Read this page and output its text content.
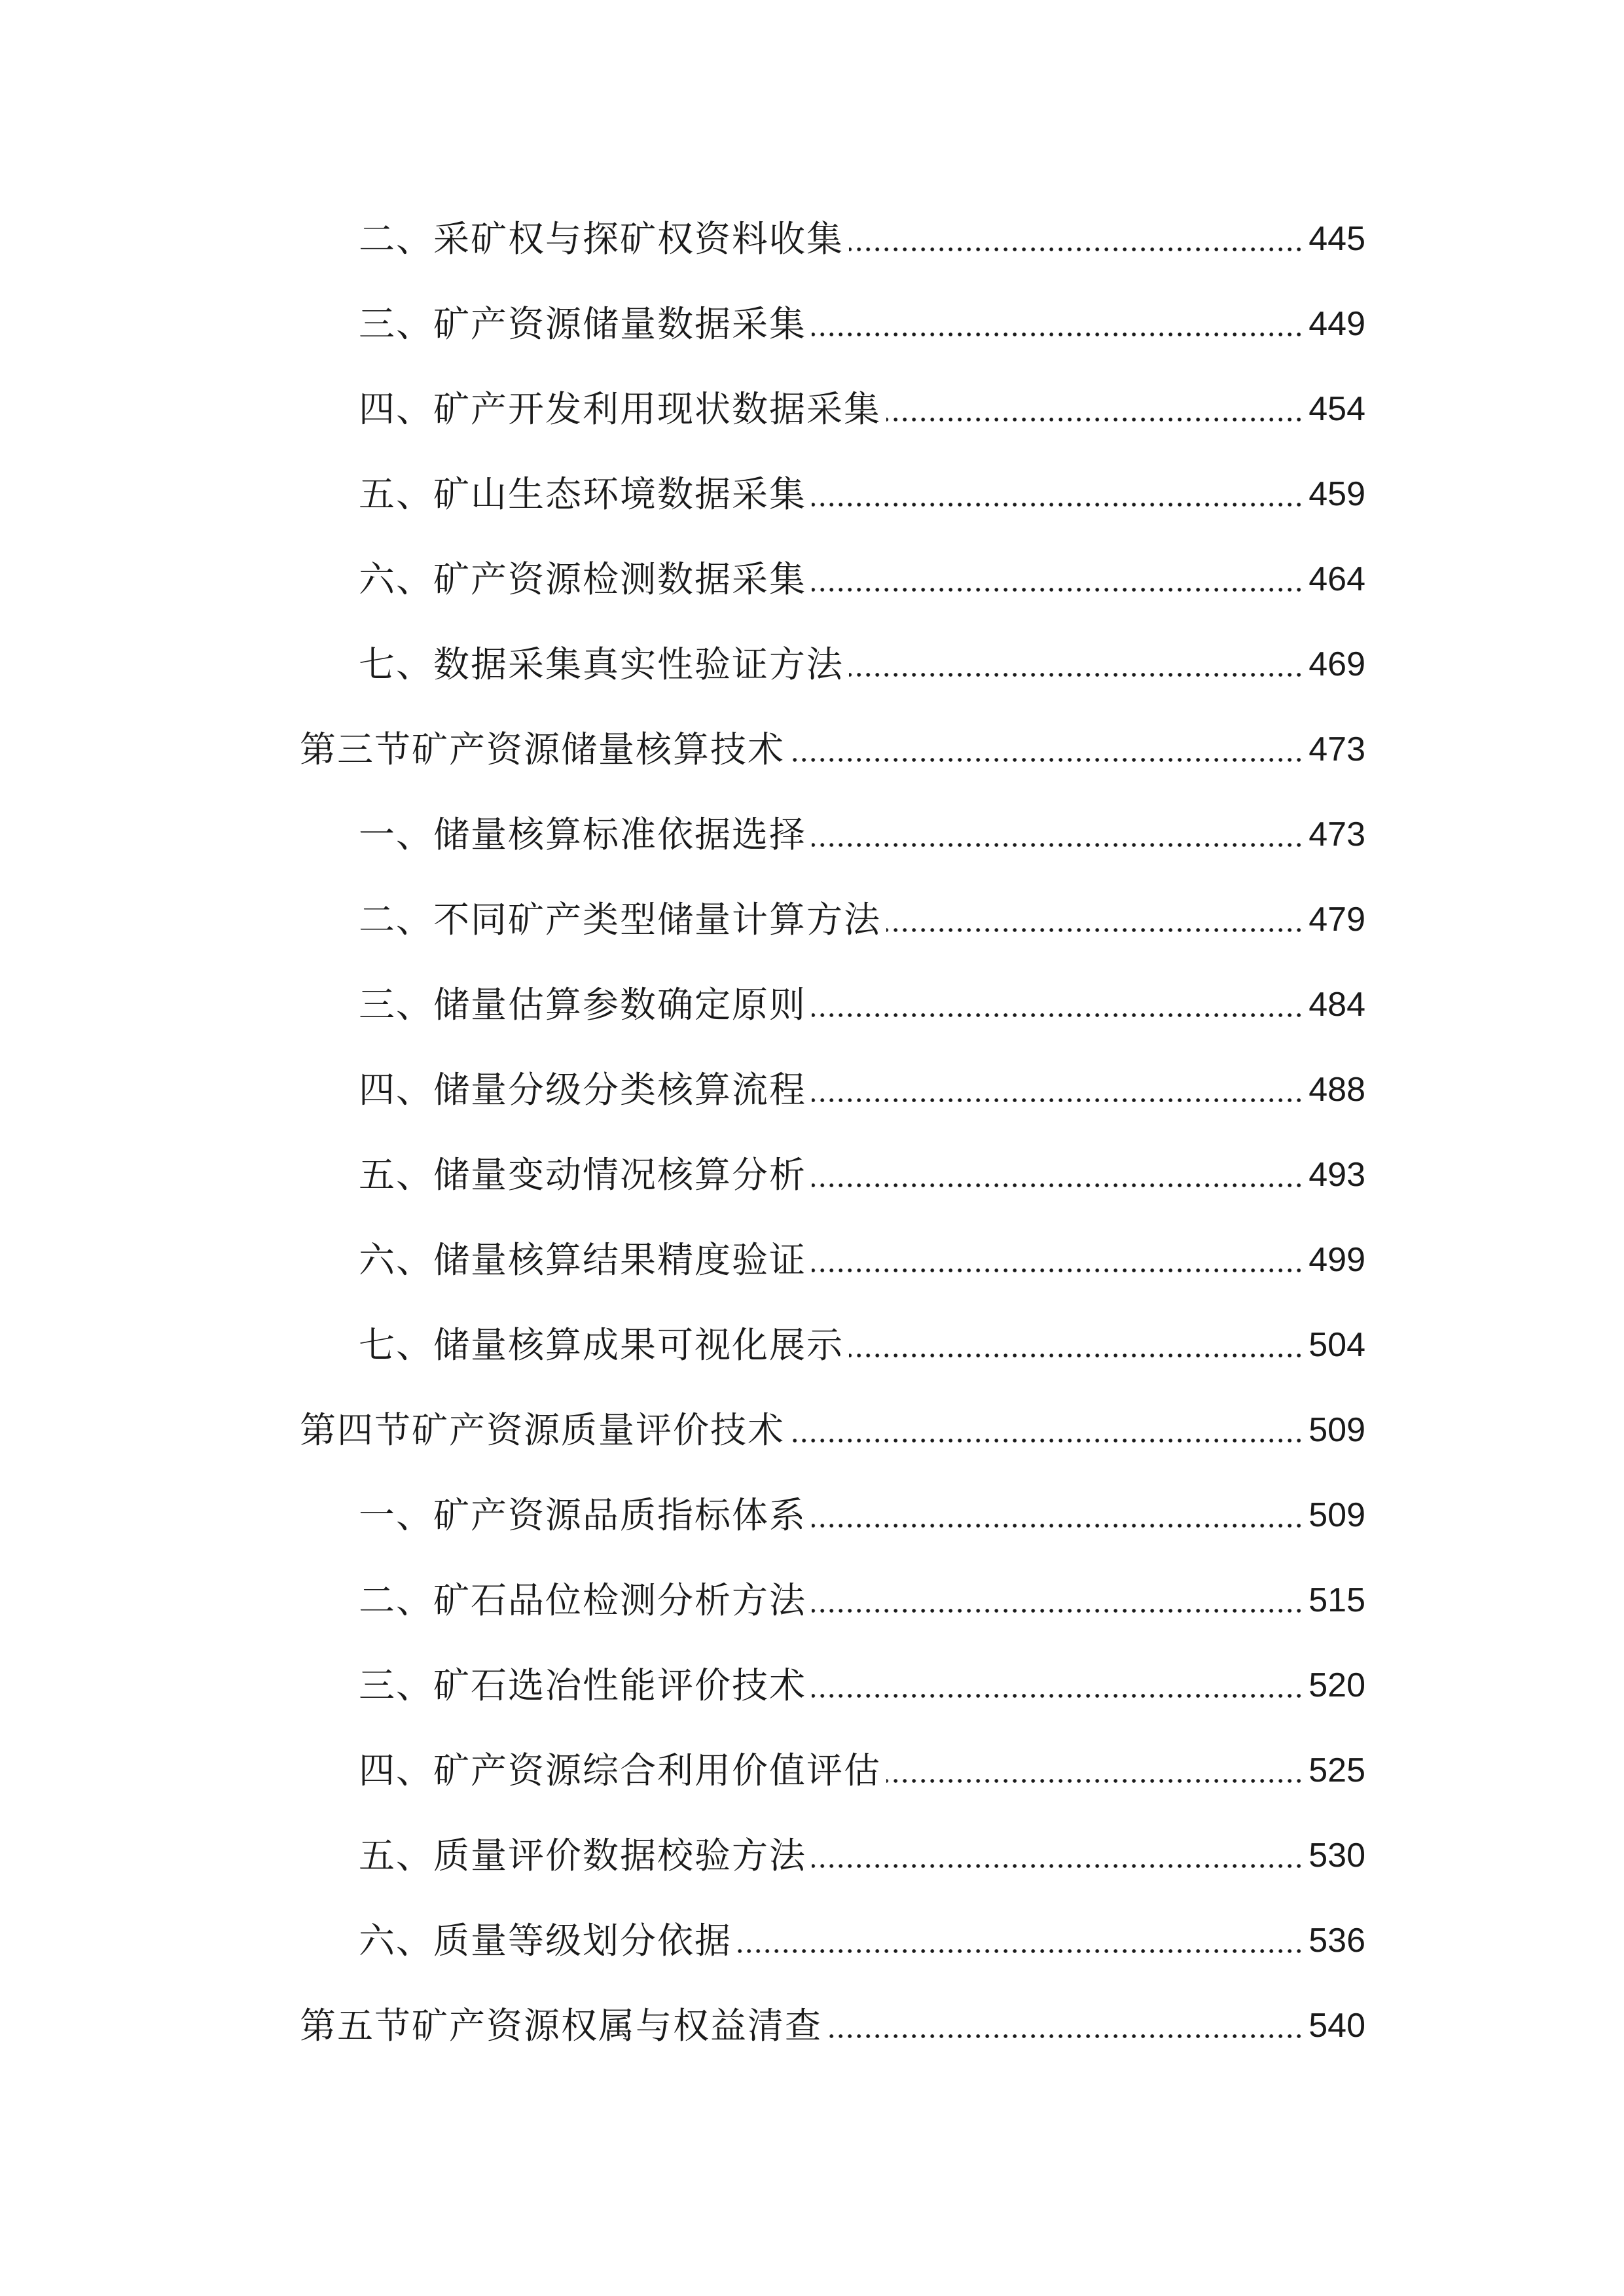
二、采矿权与探矿权资料收集	445
三、矿产资源储量数据采集	449
四、矿产开发利用现状数据采集	454
五、矿山生态环境数据采集	459
六、矿产资源检测数据采集	464
七、数据采集真实性验证方法	469
第三节矿产资源储量核算技术	473
一、储量核算标准依据选择	473
二、不同矿产类型储量计算方法	479
三、储量估算参数确定原则	484
四、储量分级分类核算流程	488
五、储量变动情况核算分析	493
六、储量核算结果精度验证	499
七、储量核算成果可视化展示	504
第四节矿产资源质量评价技术	509
一、矿产资源品质指标体系	509
二、矿石品位检测分析方法	515
三、矿石选冶性能评价技术	520
四、矿产资源综合利用价值评估	525
五、质量评价数据校验方法	530
六、质量等级划分依据	536
第五节矿产资源权属与权益清查	540
